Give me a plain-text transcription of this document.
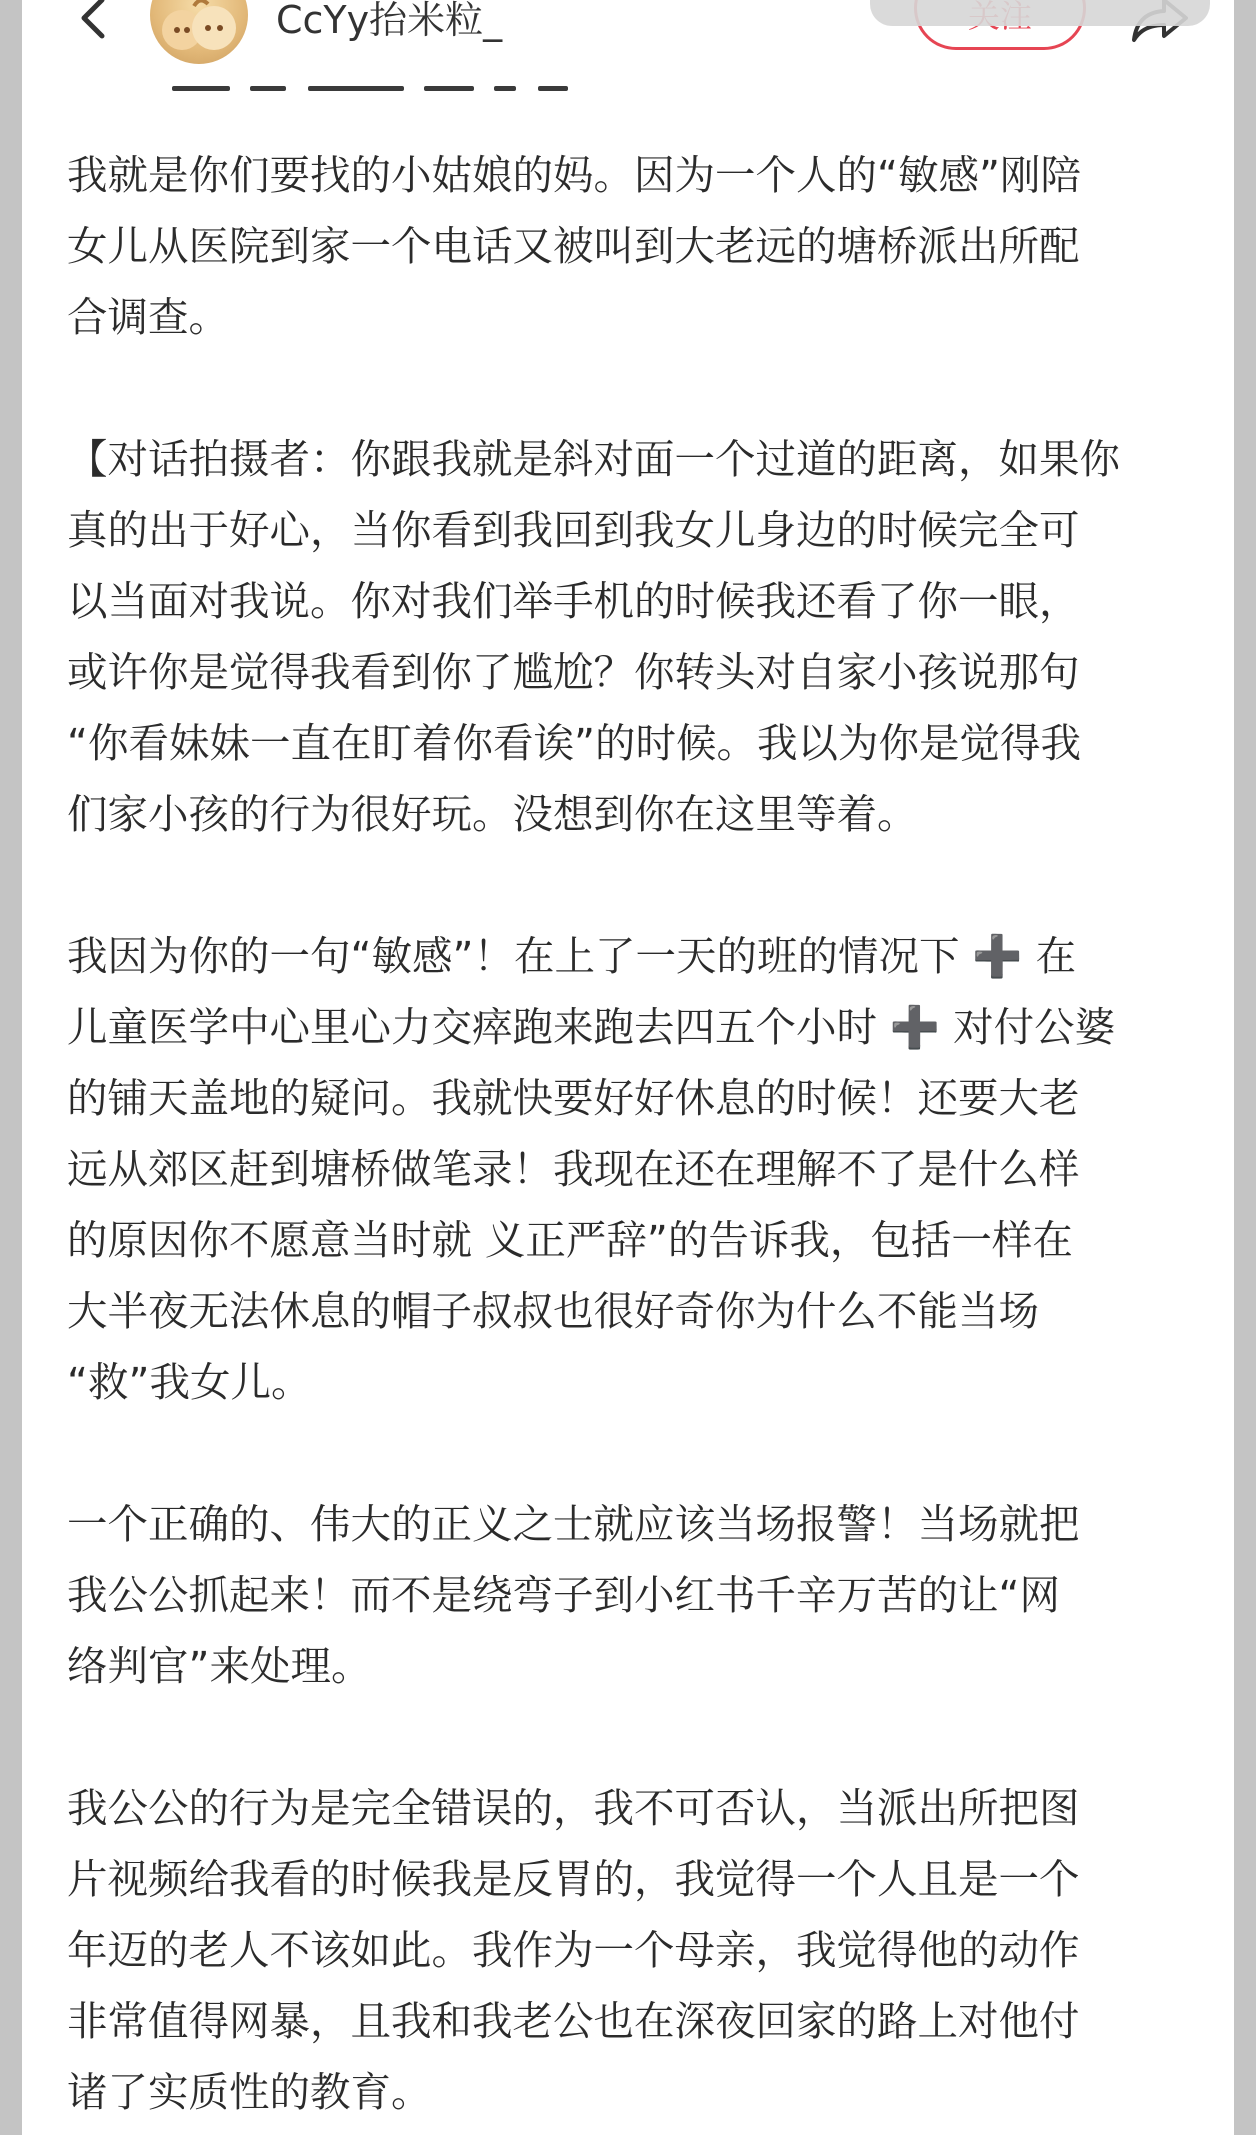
CcYy抬米粒_

我就是你们要找的小姑娘的妈。因为一个人的“敏感”刚陪
女儿从医院到家一个电话又被叫到大老远的塘桥派出所配
合调查。

【对话拍摄者：你跟我就是斜对面一个过道的距离，如果你
真的出于好心，当你看到我回到我女儿身边的时候完全可
以当面对我说。你对我们举手机的时候我还看了你一眼，
或许你是觉得我看到你了尴尬？你转头对自家小孩说那句
“你看妹妹一直在盯着你看诶”的时候。我以为你是觉得我
们家小孩的行为很好玩。没想到你在这里等着。

我因为你的一句“敏感”！在上了一天的班的情况下 ➕ 在
儿童医学中心里心力交瘁跑来跑去四五个小时 ➕ 对付公婆
的铺天盖地的疑问。我就快要好好休息的时候！还要大老
远从郊区赶到塘桥做笔录！我现在还在理解不了是什么样
的原因你不愿意当时就 义正严辞”的告诉我，包括一样在
大半夜无法休息的帽子叔叔也很好奇你为什么不能当场
“救”我女儿。

一个正确的、伟大的正义之士就应该当场报警！当场就把
我公公抓起来！而不是绕弯子到小红书千辛万苦的让“网
络判官”来处理。

我公公的行为是完全错误的，我不可否认，当派出所把图
片视频给我看的时候我是反胃的，我觉得一个人且是一个
年迈的老人不该如此。我作为一个母亲，我觉得他的动作
非常值得网暴，且我和我老公也在深夜回家的路上对他付
诸了实质性的教育。
